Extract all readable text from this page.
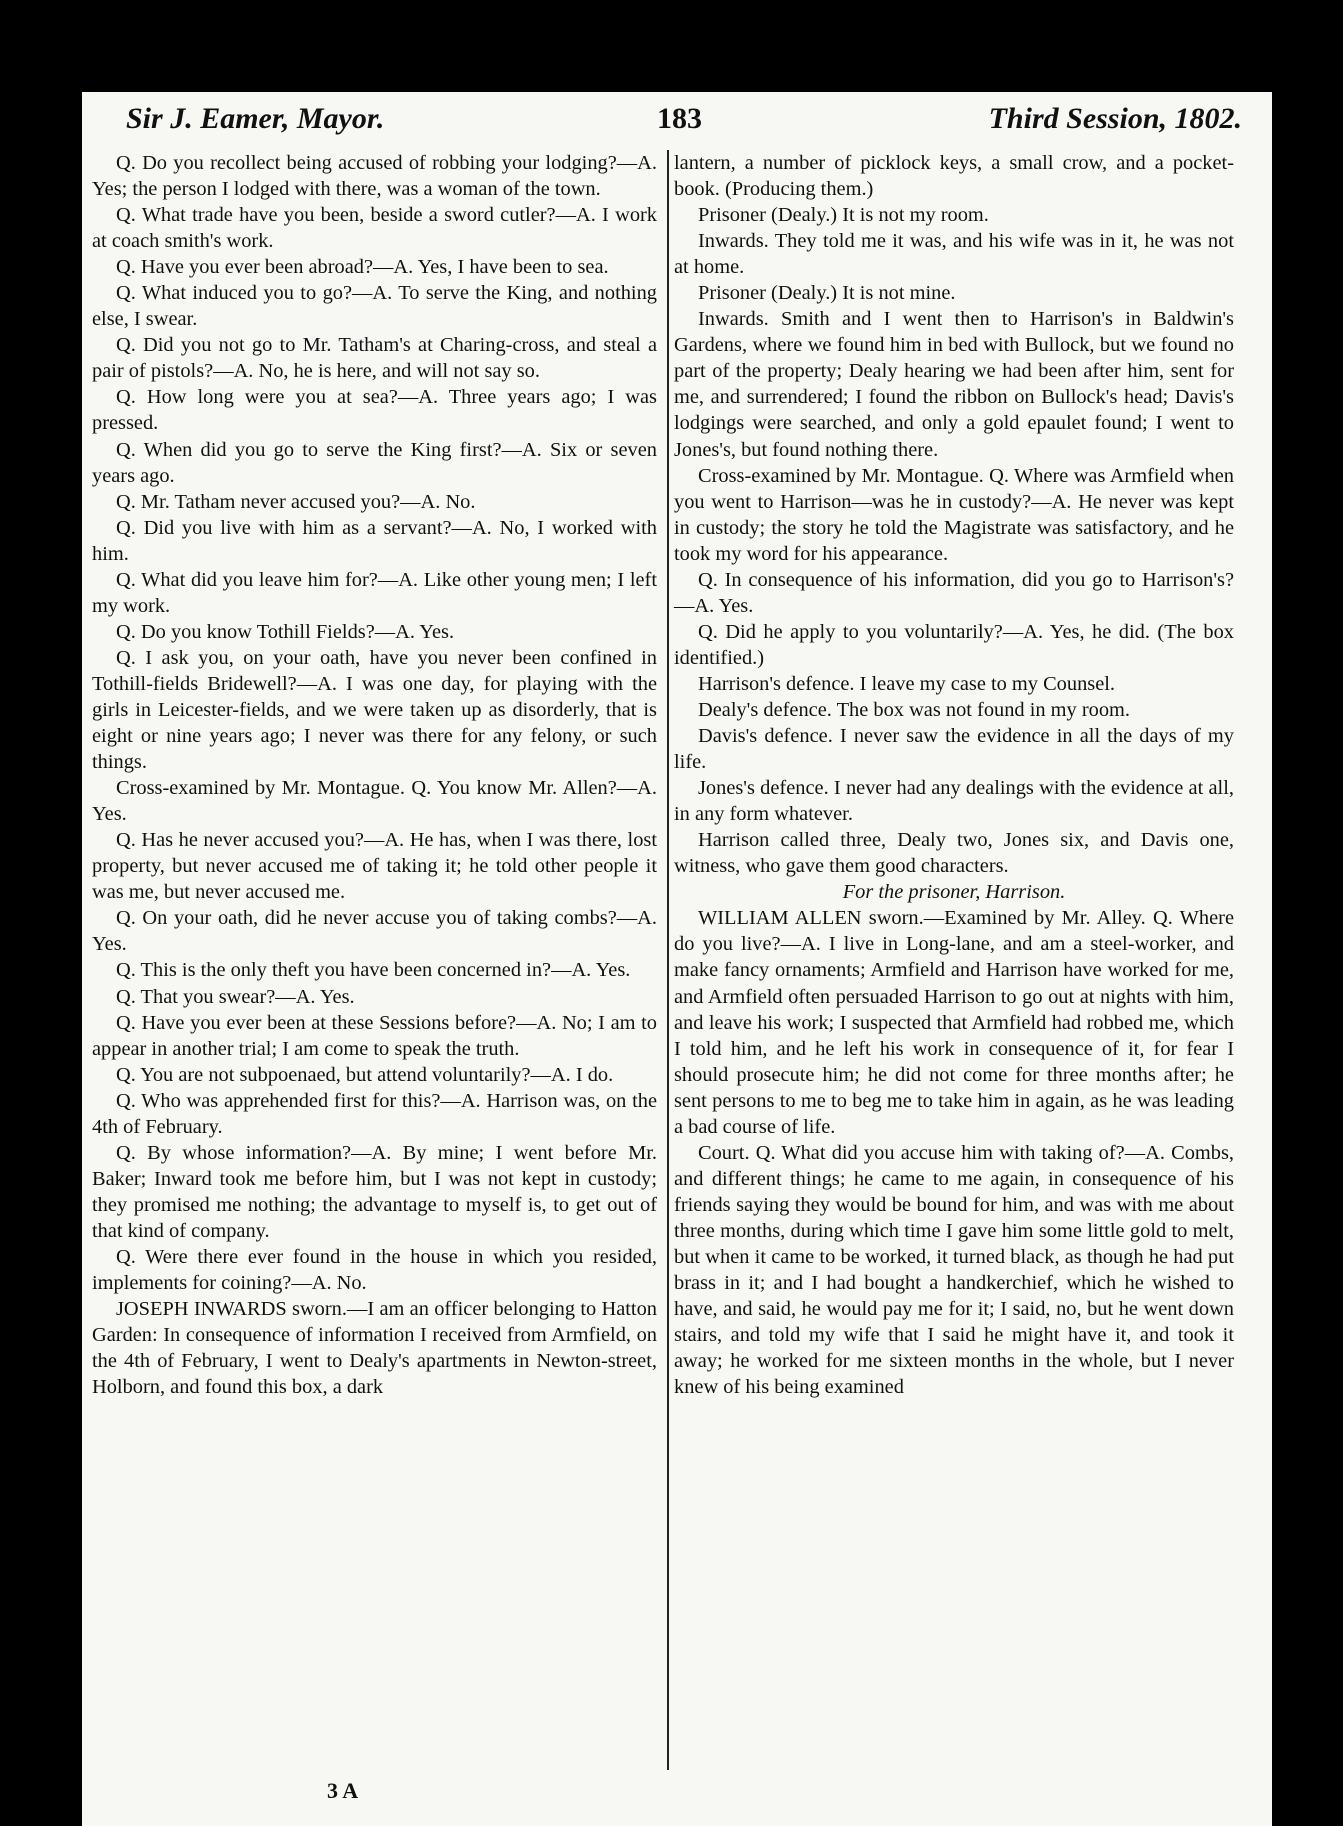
Sir J. Eamer, Mayor.	183	Third Session, 1802.

Q. Do you recollect being accused of robbing your lodging?—A. Yes; the person I lodged with there, was a woman of the town.

Q. What trade have you been, beside a sword cutler?—A. I work at coach smith's work.

Q. Have you ever been abroad?—A. Yes, I have been to sea.

Q. What induced you to go?—A. To serve the King, and nothing else, I swear.

Q. Did you not go to Mr. Tatham's at Charing-cross, and steal a pair of pistols?—A. No, he is here, and will not say so.

Q. How long were you at sea?—A. Three years ago; I was pressed.

Q. When did you go to serve the King first?—A. Six or seven years ago.

Q. Mr. Tatham never accused you?—A. No.

Q. Did you live with him as a servant?—A. No, I worked with him.

Q. What did you leave him for?—A. Like other young men; I left my work.

Q. Do you know Tothill Fields?—A. Yes.

Q. I ask you, on your oath, have you never been confined in Tothill-fields Bridewell?—A. I was one day, for playing with the girls in Leicester-fields, and we were taken up as disorderly, that is eight or nine years ago; I never was there for any felony, or such things.

Cross-examined by Mr. Montague. Q. You know Mr. Allen?—A. Yes.

Q. Has he never accused you?—A. He has, when I was there, lost property, but never accused me of taking it; he told other people it was me, but never accused me.

Q. On your oath, did he never accuse you of taking combs?—A. Yes.

Q. This is the only theft you have been concerned in?—A. Yes.

Q. That you swear?—A. Yes.

Q. Have you ever been at these Sessions before?—A. No; I am to appear in another trial; I am come to speak the truth.

Q. You are not subpoenaed, but attend voluntarily?—A. I do.

Q. Who was apprehended first for this?—A. Harrison was, on the 4th of February.

Q. By whose information?—A. By mine; I went before Mr. Baker; Inward took me before him, but I was not kept in custody; they promised me nothing; the advantage to myself is, to get out of that kind of company.

Q. Were there ever found in the house in which you resided, implements for coining?—A. No.

JOSEPH INWARDS sworn.—I am an officer belonging to Hatton Garden: In consequence of information I received from Armfield, on the 4th of February, I went to Dealy's apartments in Newton-street, Holborn, and found this box, a dark

lantern, a number of picklock keys, a small crow, and a pocket-book. (Producing them.)

Prisoner (Dealy.) It is not my room.

Inwards. They told me it was, and his wife was in it, he was not at home.

Prisoner (Dealy.) It is not mine.

Inwards. Smith and I went then to Harrison's in Baldwin's Gardens, where we found him in bed with Bullock, but we found no part of the property; Dealy hearing we had been after him, sent for me, and surrendered; I found the ribbon on Bullock's head; Davis's lodgings were searched, and only a gold epaulet found; I went to Jones's, but found nothing there.

Cross-examined by Mr. Montague. Q. Where was Armfield when you went to Harrison—was he in custody?—A. He never was kept in custody; the story he told the Magistrate was satisfactory, and he took my word for his appearance.

Q. In consequence of his information, did you go to Harrison's?—A. Yes.

Q. Did he apply to you voluntarily?—A. Yes, he did. (The box identified.)

Harrison's defence. I leave my case to my Counsel.

Dealy's defence. The box was not found in my room.

Davis's defence. I never saw the evidence in all the days of my life.

Jones's defence. I never had any dealings with the evidence at all, in any form whatever.

Harrison called three, Dealy two, Jones six, and Davis one, witness, who gave them good characters.

For the prisoner, Harrison.

WILLIAM ALLEN sworn.—Examined by Mr. Alley. Q. Where do you live?—A. I live in Long-lane, and am a steel-worker, and make fancy ornaments; Armfield and Harrison have worked for me, and Armfield often persuaded Harrison to go out at nights with him, and leave his work; I suspected that Armfield had robbed me, which I told him, and he left his work in consequence of it, for fear I should prosecute him; he did not come for three months after; he sent persons to me to beg me to take him in again, as he was leading a bad course of life.

Court. Q. What did you accuse him with taking of?—A. Combs, and different things; he came to me again, in consequence of his friends saying they would be bound for him, and was with me about three months, during which time I gave him some little gold to melt, but when it came to be worked, it turned black, as though he had put brass in it; and I had bought a handkerchief, which he wished to have, and said, he would pay me for it; I said, no, but he went down stairs, and told my wife that I said he might have it, and took it away; he worked for me sixteen months in the whole, but I never knew of his being examined

3 A
